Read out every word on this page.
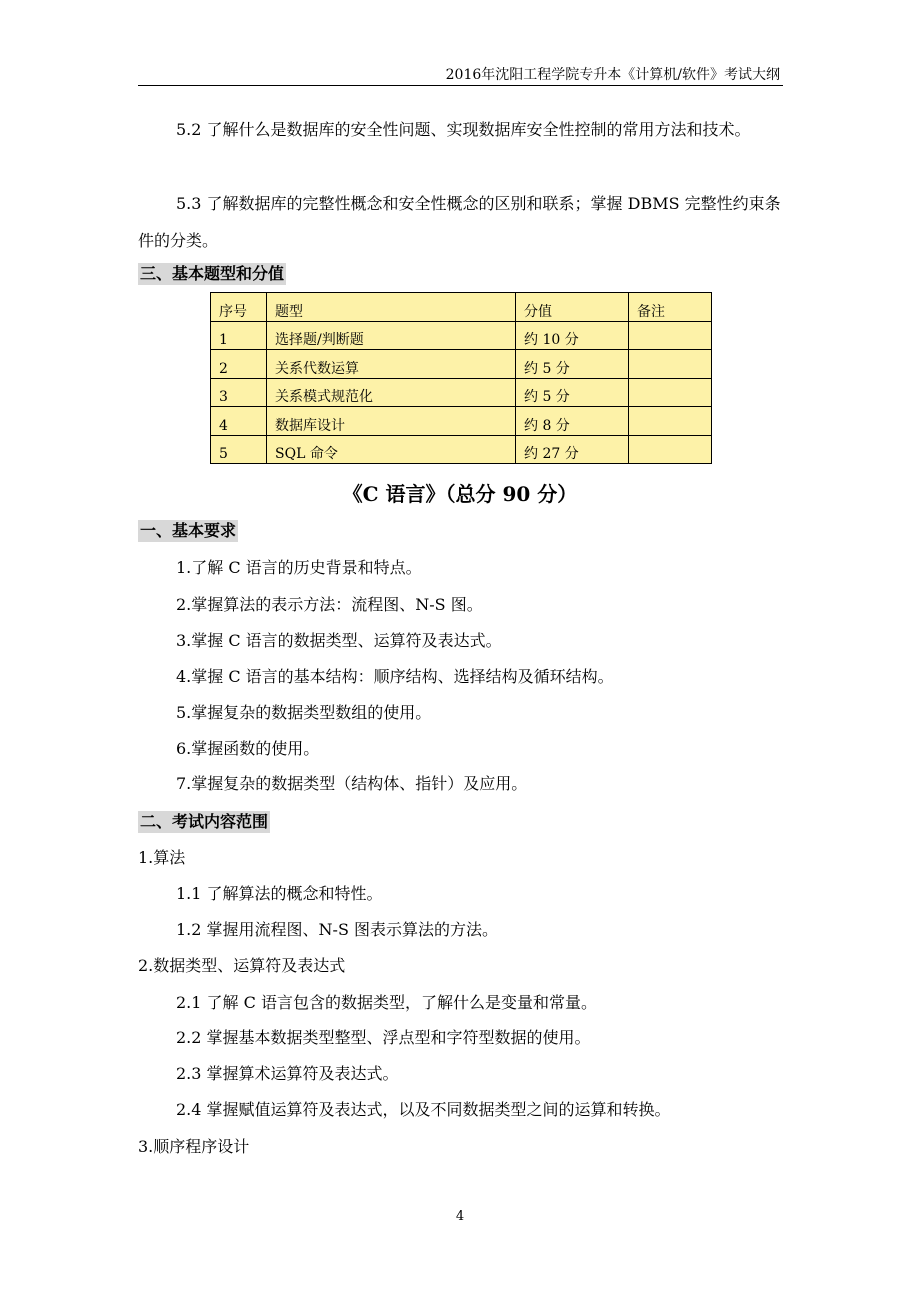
2016年沈阳工程学院专升本《计算机/软件》考试大纲
5.2 了解什么是数据库的安全性问题、实现数据库安全性控制的常用方法和技术。
5.3 了解数据库的完整性概念和安全性概念的区别和联系；掌握 DBMS 完整性约束条件的分类。
三、基本题型和分值
序号	题型	分值	备注
1	选择题/判断题	约 10 分	
2	关系代数运算	约 5 分	
3	关系模式规范化	约 5 分	
4	数据库设计	约 8 分	
5	SQL 命令	约 27 分	
《C 语言》（总分 90 分）
一、基本要求
1.了解 C 语言的历史背景和特点。
2.掌握算法的表示方法：流程图、N-S 图。
3.掌握 C 语言的数据类型、运算符及表达式。
4.掌握 C 语言的基本结构：顺序结构、选择结构及循环结构。
5.掌握复杂的数据类型数组的使用。
6.掌握函数的使用。
7.掌握复杂的数据类型（结构体、指针）及应用。
二、考试内容范围
1.算法
1.1 了解算法的概念和特性。
1.2 掌握用流程图、N-S 图表示算法的方法。
2.数据类型、运算符及表达式
2.1 了解 C 语言包含的数据类型，了解什么是变量和常量。
2.2 掌握基本数据类型整型、浮点型和字符型数据的使用。
2.3 掌握算术运算符及表达式。
2.4 掌握赋值运算符及表达式，以及不同数据类型之间的运算和转换。
3.顺序程序设计
4
